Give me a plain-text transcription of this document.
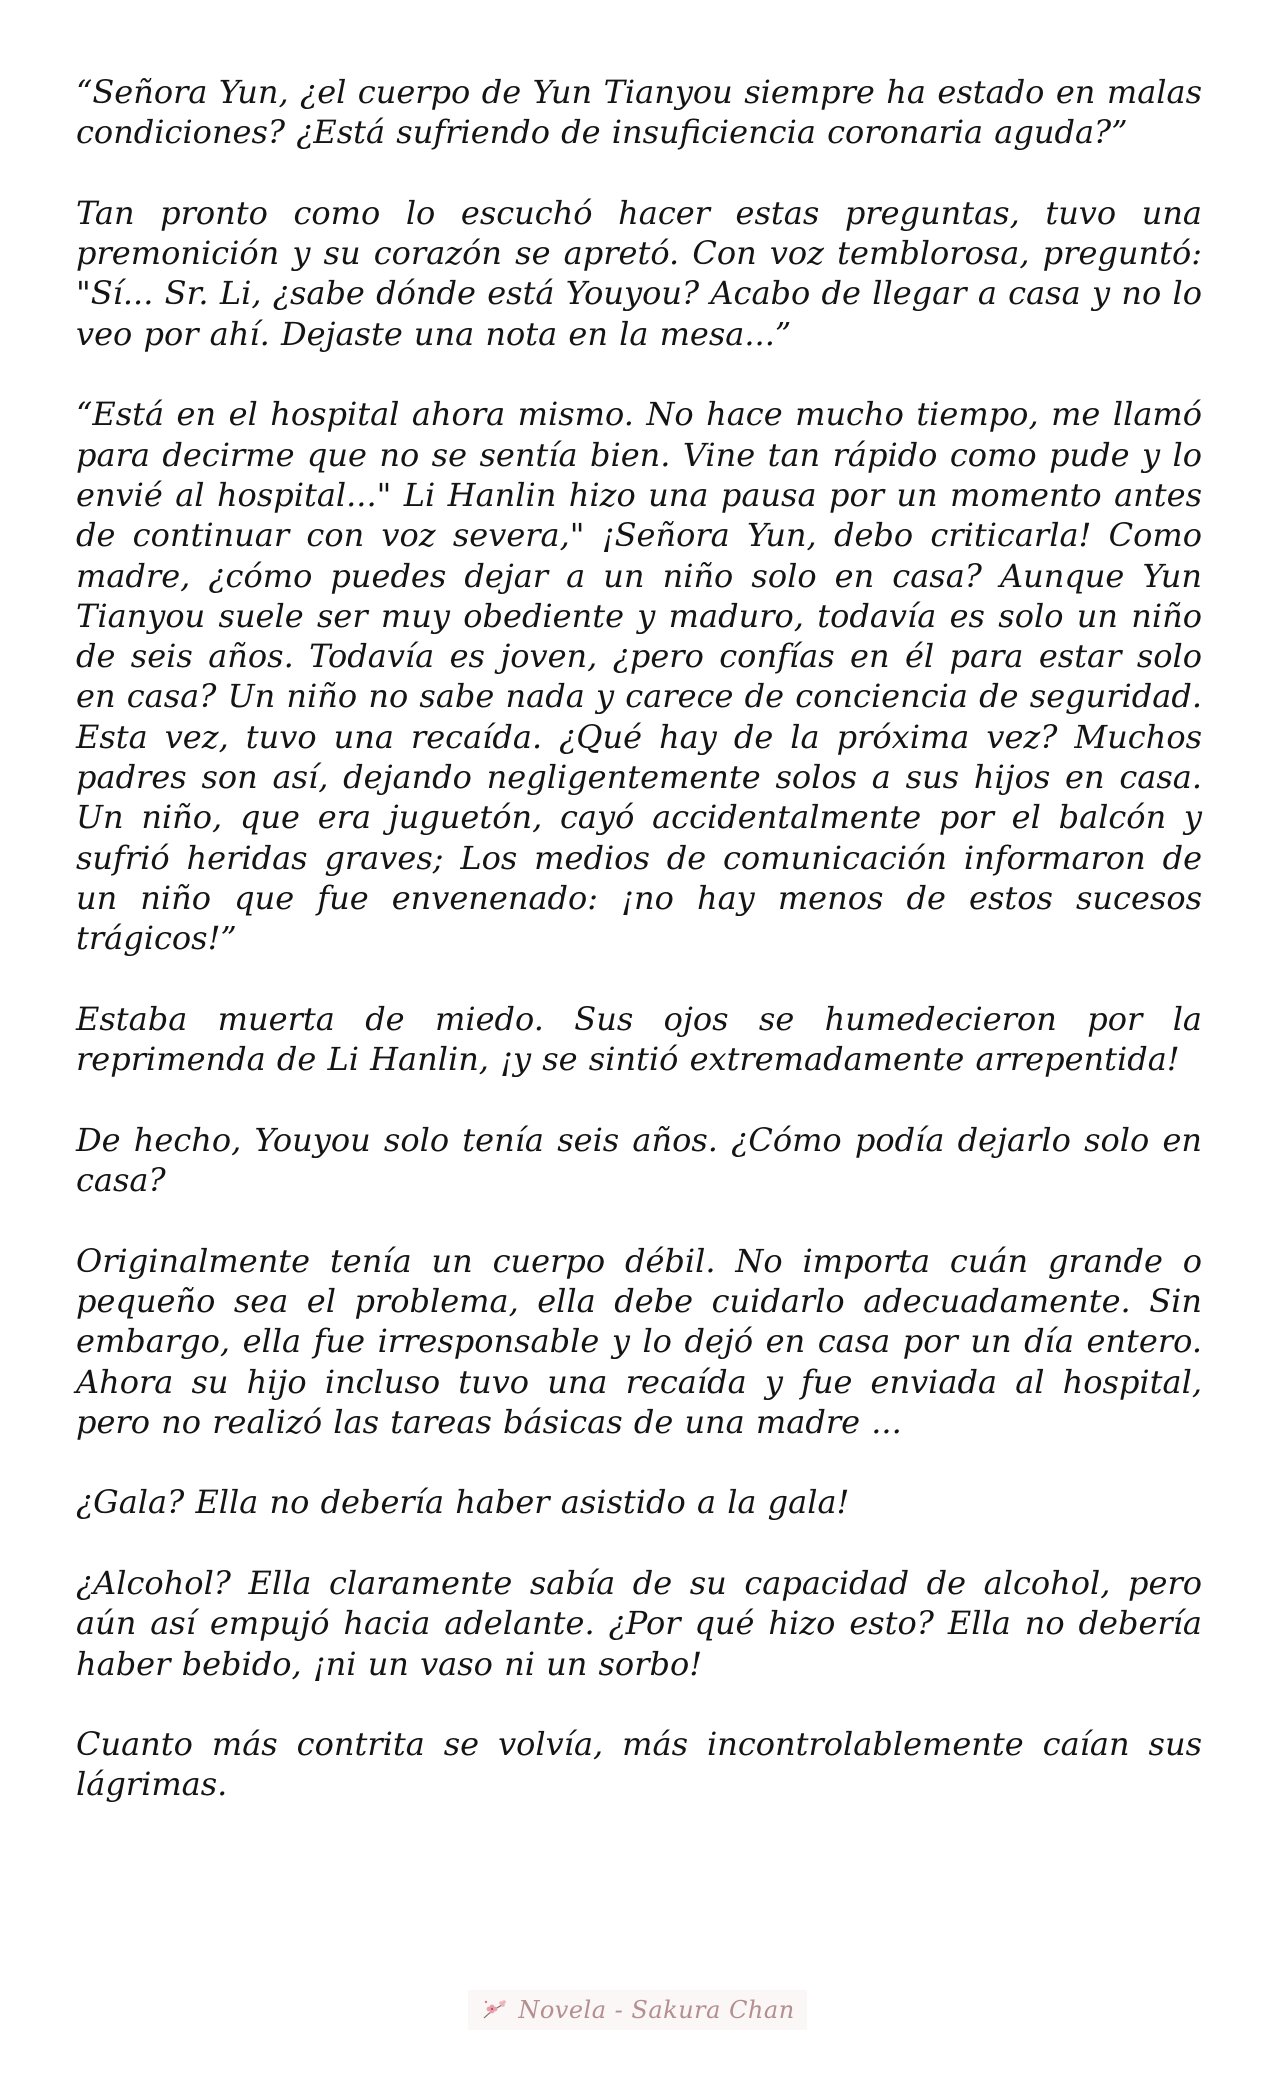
“Señora Yun, ¿el cuerpo de Yun Tianyou siempre ha estado en malas condiciones? ¿Está sufriendo de insuficiencia coronaria aguda?”

Tan pronto como lo escuchó hacer estas preguntas, tuvo una premonición y su corazón se apretó. Con voz temblorosa, preguntó: "Sí... Sr. Li, ¿sabe dónde está Youyou? Acabo de llegar a casa y no lo veo por ahí. Dejaste una nota en la mesa...”

“Está en el hospital ahora mismo. No hace mucho tiempo, me llamó para decirme que no se sentía bien. Vine tan rápido como pude y lo envié al hospital..." Li Hanlin hizo una pausa por un momento antes de continuar con voz severa," ¡Señora Yun, debo criticarla! Como madre, ¿cómo puedes dejar a un niño solo en casa? Aunque Yun Tianyou suele ser muy obediente y maduro, todavía es solo un niño de seis años. Todavía es joven, ¿pero confías en él para estar solo en casa? Un niño no sabe nada y carece de conciencia de seguridad. Esta vez, tuvo una recaída. ¿Qué hay de la próxima vez? Muchos padres son así, dejando negligentemente solos a sus hijos en casa. Un niño, que era juguetón, cayó accidentalmente por el balcón y sufrió heridas graves; Los medios de comunicación informaron de un niño que fue envenenado: ¡no hay menos de estos sucesos trágicos!”

Estaba muerta de miedo. Sus ojos se humedecieron por la reprimenda de Li Hanlin, ¡y se sintió extremadamente arrepentida!

De hecho, Youyou solo tenía seis años. ¿Cómo podía dejarlo solo en casa?

Originalmente tenía un cuerpo débil. No importa cuán grande o pequeño sea el problema, ella debe cuidarlo adecuadamente. Sin embargo, ella fue irresponsable y lo dejó en casa por un día entero. Ahora su hijo incluso tuvo una recaída y fue enviada al hospital, pero no realizó las tareas básicas de una madre ...

¿Gala? Ella no debería haber asistido a la gala!

¿Alcohol? Ella claramente sabía de su capacidad de alcohol, pero aún así empujó hacia adelante. ¿Por qué hizo esto? Ella no debería haber bebido, ¡ni un vaso ni un sorbo!

Cuanto más contrita se volvía, más incontrolablemente caían sus lágrimas.

Novela - Sakura Chan
